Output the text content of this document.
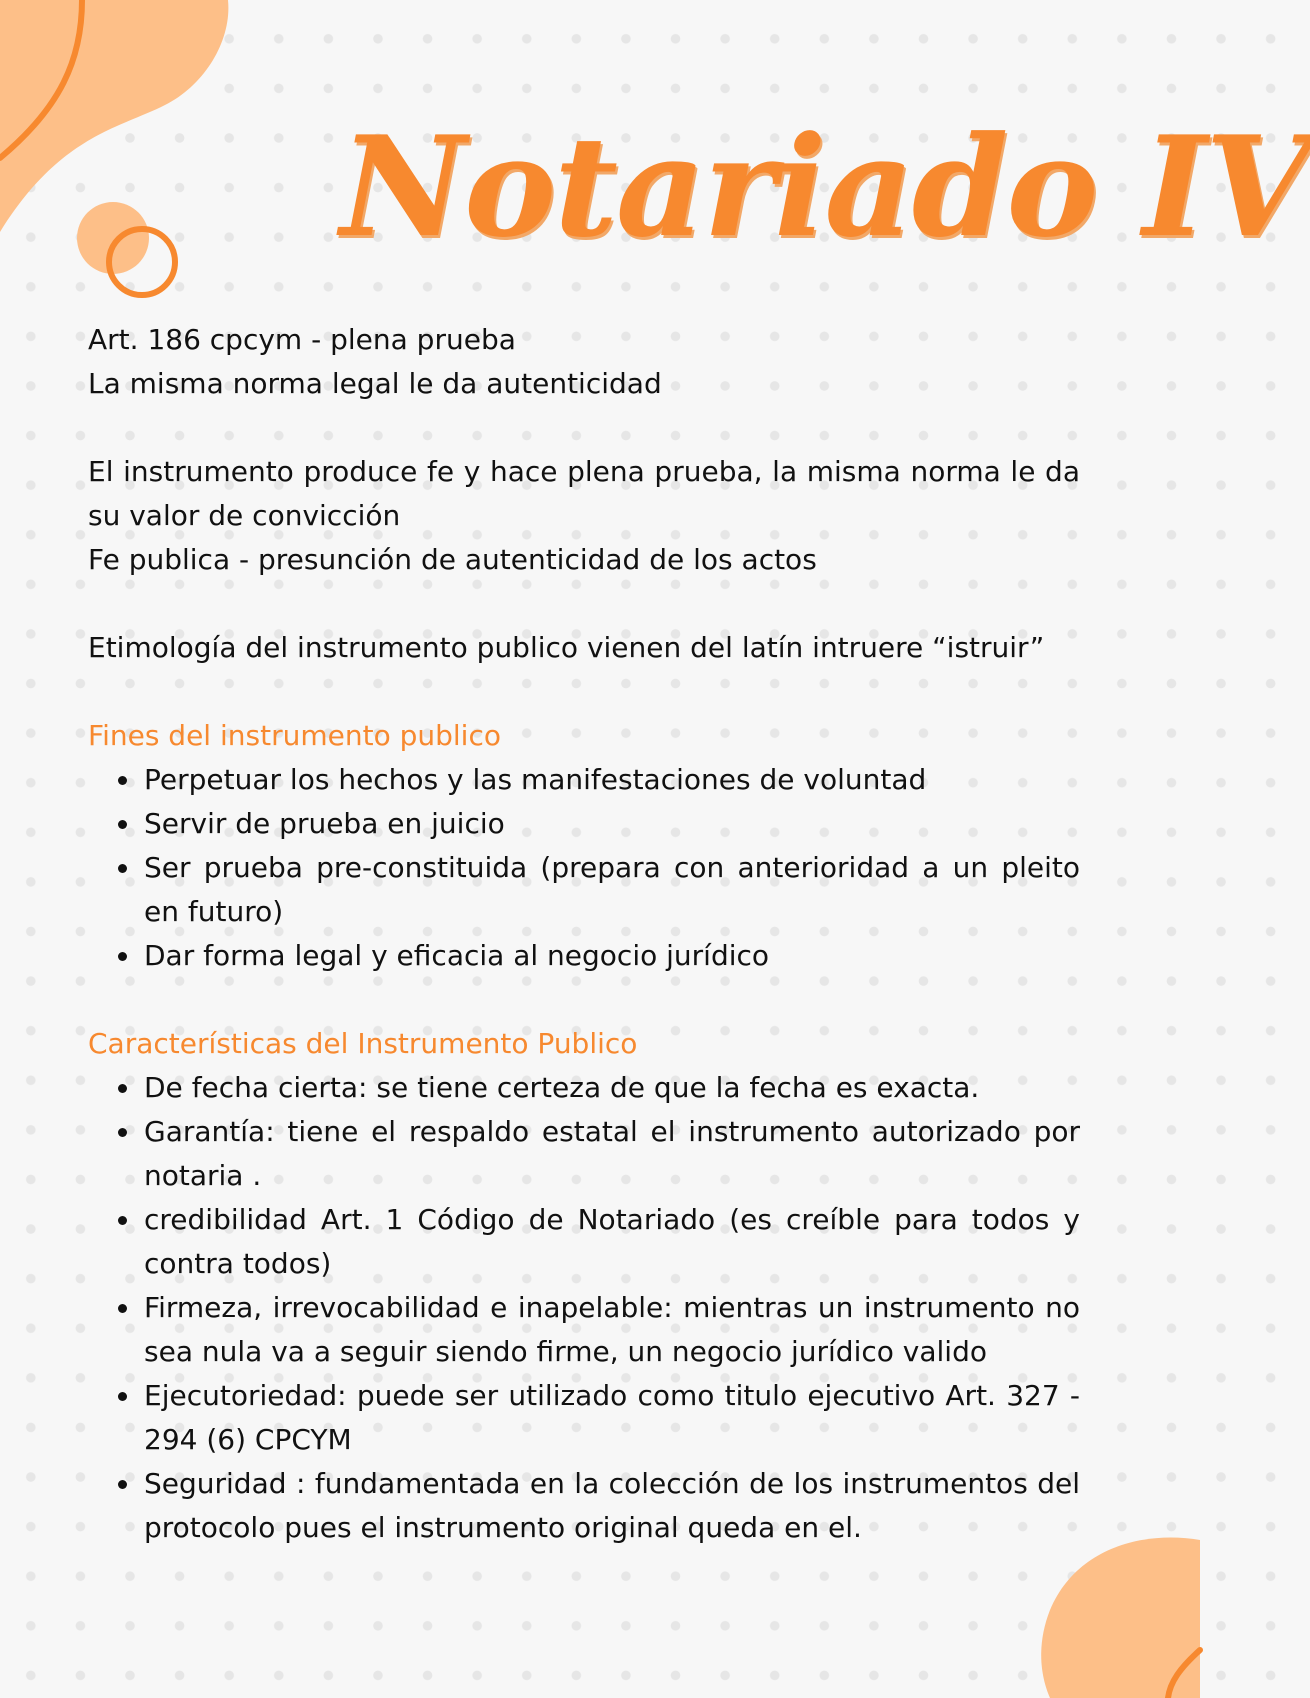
Notariado IV

Art. 186 cpcym - plena prueba

La misma norma legal le da autenticidad

El instrumento produce fe y hace plena prueba, la misma norma le da su valor de convicción

Fe publica - presunción de autenticidad de los actos

Etimología del instrumento publico vienen del latín intruere “istruir”

Fines del instrumento publico

Perpetuar los hechos y las manifestaciones de voluntad
Servir de prueba en juicio
Ser prueba pre-constituida (prepara con anterioridad a un pleito en futuro)
Dar forma legal y eficacia al negocio jurídico

Características del Instrumento Publico

De fecha cierta: se tiene certeza de que la fecha es exacta.
Garantía: tiene el respaldo estatal el instrumento autorizado por notaria .
credibilidad Art. 1 Código de Notariado (es creíble para todos y contra todos)
Firmeza, irrevocabilidad e inapelable: mientras un instrumento no sea nula va a seguir siendo firme, un negocio jurídico valido
Ejecutoriedad: puede ser utilizado como titulo ejecutivo Art. 327 - 294 (6) CPCYM
Seguridad : fundamentada en la colección de los instrumentos del protocolo pues el instrumento original queda en el.
